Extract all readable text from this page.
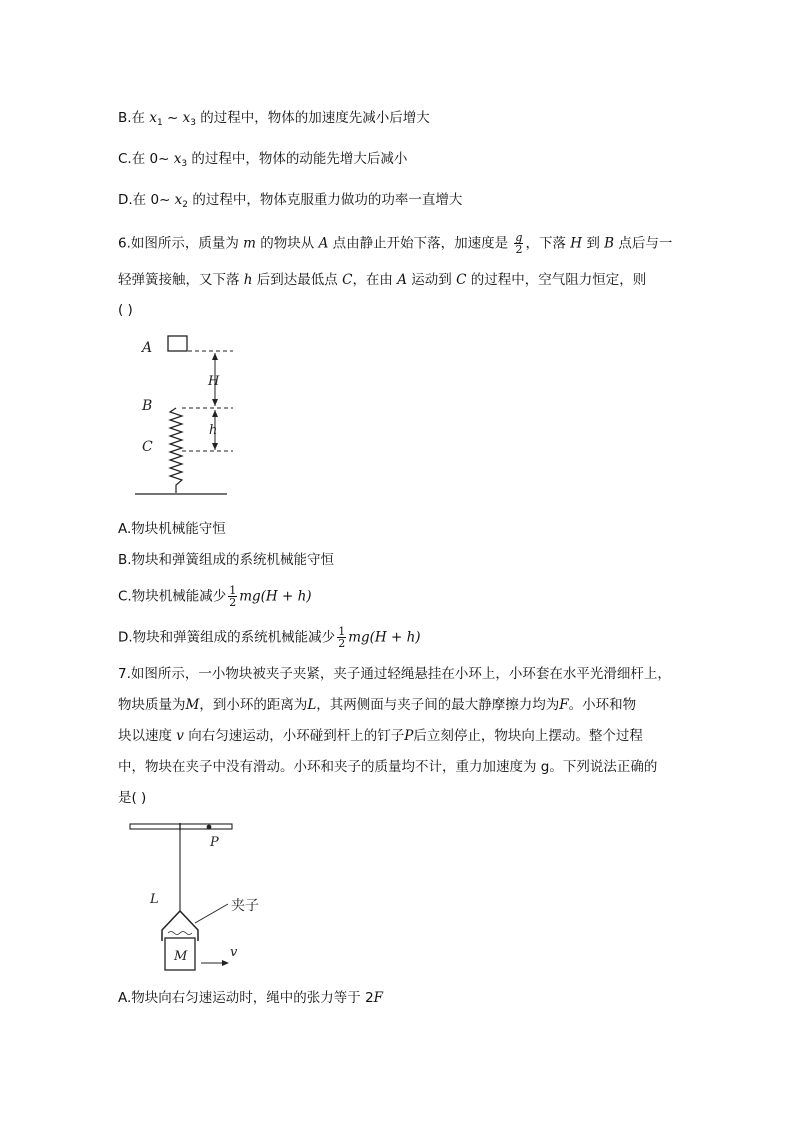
B.在 $x_1$ ~ $x_3$ 的过程中，物体的加速度先减小后增大
C.在 0~ $x_3$ 的过程中，物体的动能先增大后减小
D.在 0~ $x_2$ 的过程中，物体克服重力做功的功率一直增大
6.如图所示，质量为 m 的物块从 A 点由静止开始下落，加速度是 $\frac{g}{2}$ ，下落 H 到 B 点后与一
轻弹簧接触，又下落 h 后到达最低点 C，在由 A 运动到 C 的过程中，空气阻力恒定，则
( )
A
H
B
h
C
A.物块机械能守恒
B.物块和弹簧组成的系统机械能守恒
C.物块机械能减少 $\frac{1}{2} mg(H + h)$
D.物块和弹簧组成的系统机械能减少 $\frac{1}{2} mg(H + h)$
7.如图所示，一小物块被夹子夹紧，夹子通过轻绳悬挂在小环上，小环套在水平光滑细杆上，
物块质量为M，到小环的距离为L，其两侧面与夹子间的最大静摩擦力均为F。小环和物
块以速度 v 向右匀速运动，小环碰到杆上的钉子P后立刻停止，物块向上摆动。整个过程
中，物块在夹子中没有滑动。小环和夹子的质量均不计，重力加速度为 g。下列说法正确的
是( )
P
L	夹子
M	v
A.物块向右匀速运动时，绳中的张力等于 2F
